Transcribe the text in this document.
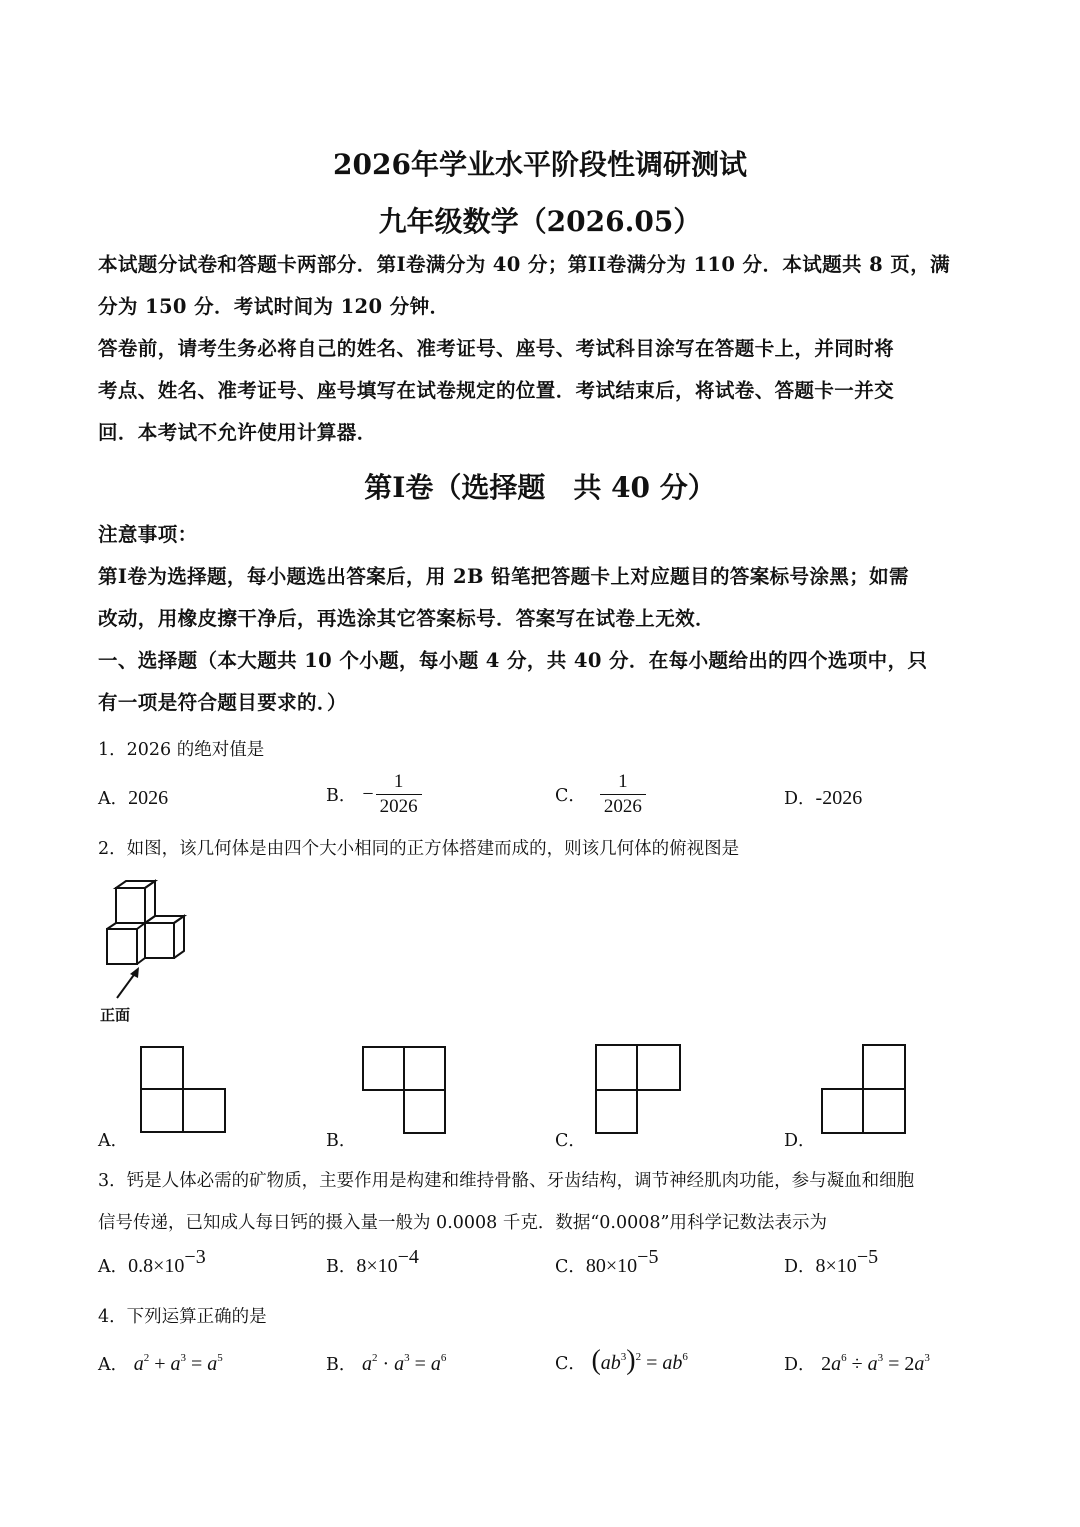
2026年学业水平阶段性调研测试
九年级数学（2026.05）
本试题分试卷和答题卡两部分．第I卷满分为 40 分；第II卷满分为 110 分．本试题共 8 页，满
分为 150 分．考试时间为 120 分钟．
答卷前，请考生务必将自己的姓名、准考证号、座号、考试科目涂写在答题卡上，并同时将
考点、姓名、准考证号、座号填写在试卷规定的位置．考试结束后，将试卷、答题卡一并交
回．本考试不允许使用计算器．
第I卷（选择题　共 40 分）
注意事项：
第I卷为选择题，每小题选出答案后，用 2B 铅笔把答题卡上对应题目的答案标号涂黑；如需
改动，用橡皮擦干净后，再选涂其它答案标号．答案写在试卷上无效．
一、选择题（本大题共 10 个小题，每小题 4 分，共 40 分．在每小题给出的四个选项中，只
有一项是符合题目要求的．）
1．2026 的绝对值是
A．2026	B． − $\frac{1}{2026}$	C． $\frac{1}{2026}$	D．-2026
2．如图，该几何体是由四个大小相同的正方体搭建而成的，则该几何体的俯视图是
正面
A．	B．	C．	D．
3．钙是人体必需的矿物质，主要作用是构建和维持骨骼、牙齿结构，调节神经肌肉功能，参与凝血和细胞
信号传递，已知成人每日钙的摄入量一般为 0.0008 千克．数据“0.0008”用科学记数法表示为
A．$0.8\times 10^{-3}$	B．$8\times 10^{-4}$	C．$80\times 10^{-5}$	D．$8\times 10^{-5}$
4．下列运算正确的是
A． $a^2 + a^3 = a^5$	B． $a^2 \cdot a^3 = a^6$	C． $(ab^3)^2 = ab^6$	D． $2a^6 \div a^3 = 2a^3$
